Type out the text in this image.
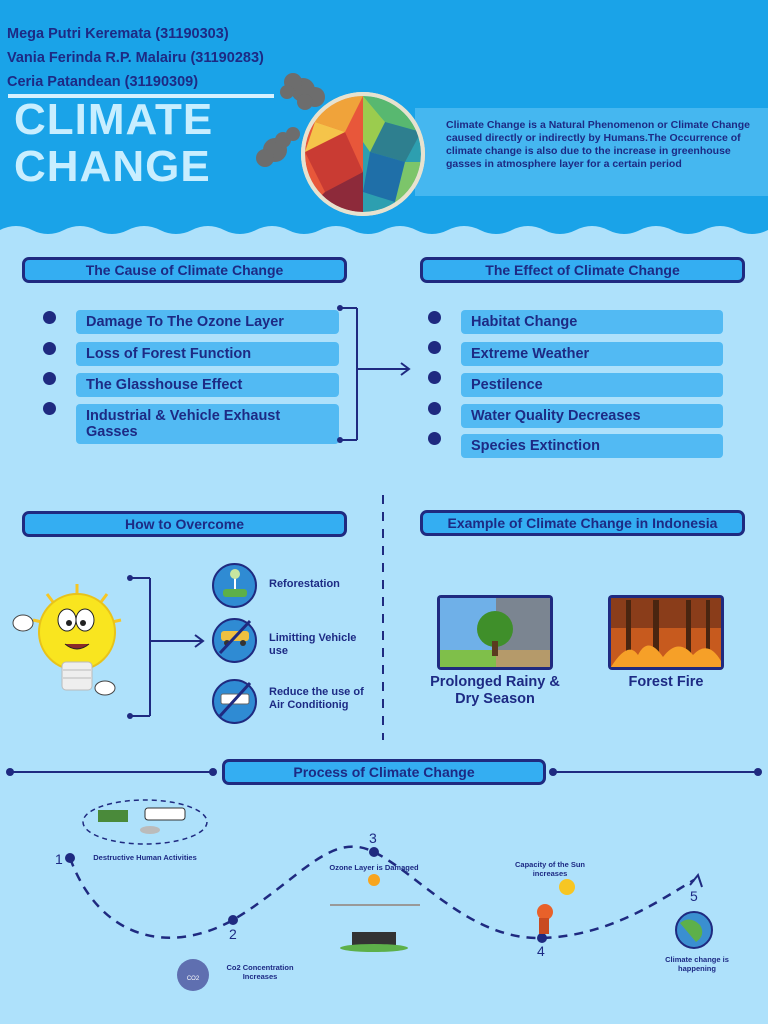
Mega Putri Keremata (31190303)
Vania Ferinda R.P. Malairu (31190283)
Ceria Patandean (31190309)
CLIMATE
CHANGE
Climate Change is a Natural Phenomenon or Climate Change caused directly or indirectly by Humans.The Occurrence of climate change is also due to the increase in greenhouse gasses in atmosphere layer for a certain period
The Cause of Climate Change	The Effect of Climate Change
Damage To The Ozone Layer
Loss of Forest Function
The Glasshouse Effect
Industrial & Vehicle Exhaust Gasses
Habitat Change
Extreme Weather
Pestilence
Water Quality Decreases
Species Extinction
How to Overcome
Reforestation
Limitting Vehicle use
Reduce the use of Air Conditionig
Example of Climate Change in Indonesia
Prolonged Rainy & Dry Season
Forest Fire
Process of Climate Change
1
2
3
4
5
Destructive Human Activities
Co2 Concentration Increases
Ozone Layer is Damaged	Capacity of the Sun increases
Climate change is happening
CO2
